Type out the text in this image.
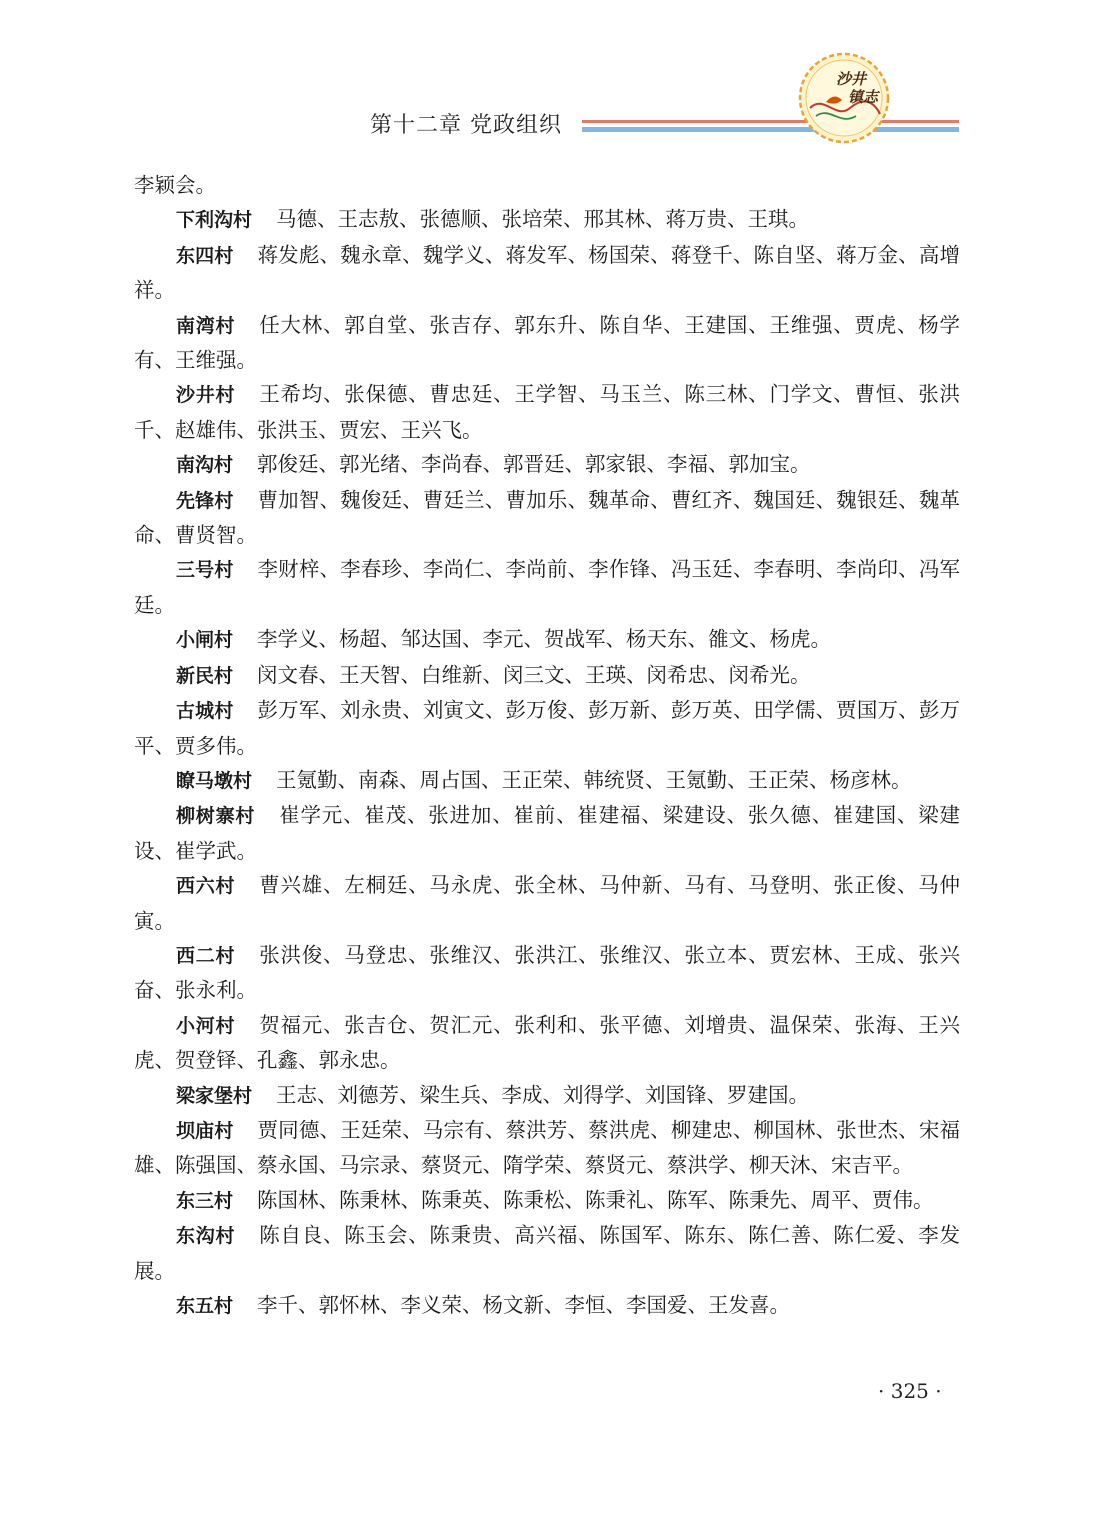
第十二章 党政组织
沙井
镇志

李颖会。

下利沟村 马德、王志敖、张德顺、张培荣、邢其林、蒋万贵、王琪。

东四村 蒋发彪、魏永章、魏学义、蒋发军、杨国荣、蒋登千、陈自坚、蒋万金、高增祥。

南湾村 任大林、郭自堂、张吉存、郭东升、陈自华、王建国、王维强、贾虎、杨学有、王维强。

沙井村 王希均、张保德、曹忠廷、王学智、马玉兰、陈三林、门学文、曹恒、张洪千、赵雄伟、张洪玉、贾宏、王兴飞。

南沟村 郭俊廷、郭光绪、李尚春、郭晋廷、郭家银、李福、郭加宝。

先锋村 曹加智、魏俊廷、曹廷兰、曹加乐、魏革命、曹红齐、魏国廷、魏银廷、魏革命、曹贤智。

三号村 李财梓、李春珍、李尚仁、李尚前、李作锋、冯玉廷、李春明、李尚印、冯军廷。

小闸村 李学义、杨超、邹达国、李元、贺战军、杨天东、雒文、杨虎。

新民村 闵文春、王天智、白维新、闵三文、王瑛、闵希忠、闵希光。

古城村 彭万军、刘永贵、刘寅文、彭万俊、彭万新、彭万英、田学儒、贾国万、彭万平、贾多伟。

瞭马墩村 王氪勤、南森、周占国、王正荣、韩统贤、王氪勤、王正荣、杨彦林。

柳树寨村 崔学元、崔茂、张进加、崔前、崔建福、梁建设、张久德、崔建国、梁建设、崔学武。

西六村 曹兴雄、左桐廷、马永虎、张全林、马仲新、马有、马登明、张正俊、马仲寅。

西二村 张洪俊、马登忠、张维汉、张洪江、张维汉、张立本、贾宏林、王成、张兴奋、张永利。

小河村 贺福元、张吉仓、贺汇元、张利和、张平德、刘增贵、温保荣、张海、王兴虎、贺登铎、孔鑫、郭永忠。

梁家堡村 王志、刘德芳、梁生兵、李成、刘得学、刘国锋、罗建国。

坝庙村 贾同德、王廷荣、马宗有、蔡洪芳、蔡洪虎、柳建忠、柳国林、张世杰、宋福雄、陈强国、蔡永国、马宗录、蔡贤元、隋学荣、蔡贤元、蔡洪学、柳天沐、宋吉平。

东三村 陈国林、陈秉林、陈秉英、陈秉松、陈秉礼、陈军、陈秉先、周平、贾伟。

东沟村 陈自良、陈玉会、陈秉贵、高兴福、陈国军、陈东、陈仁善、陈仁爱、李发展。

东五村 李千、郭怀林、李义荣、杨文新、李恒、李国爱、王发喜。

· 325 ·
